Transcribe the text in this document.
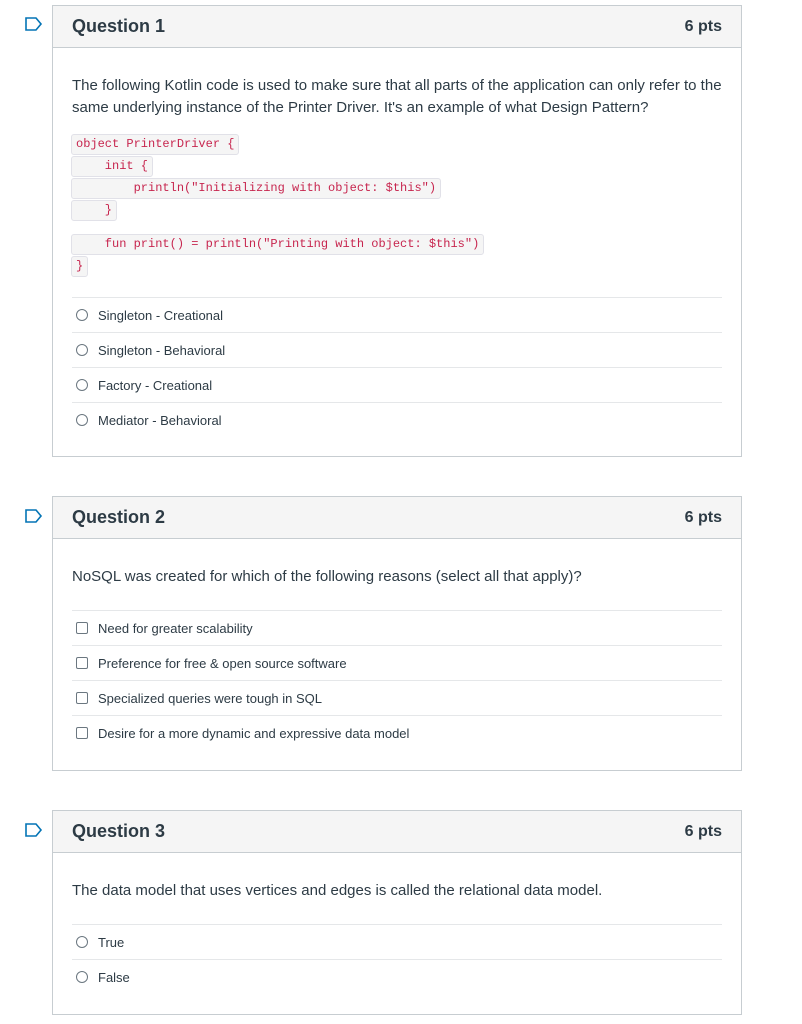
Question 1	6 pts
The following Kotlin code is used to make sure that all parts of the application can only refer to the same underlying instance of the Printer Driver. It's an example of what Design Pattern?
object PrinterDriver {
init {
println("Initializing with object: $this")
}
fun print() = println("Printing with object: $this")
}
Singleton - Creational
Singleton - Behavioral
Factory - Creational
Mediator - Behavioral
Question 2	6 pts
NoSQL was created for which of the following reasons (select all that apply)?
Need for greater scalability
Preference for free & open source software
Specialized queries were tough in SQL
Desire for a more dynamic and expressive data model
Question 3	6 pts
The data model that uses vertices and edges is called the relational data model.
True
False
